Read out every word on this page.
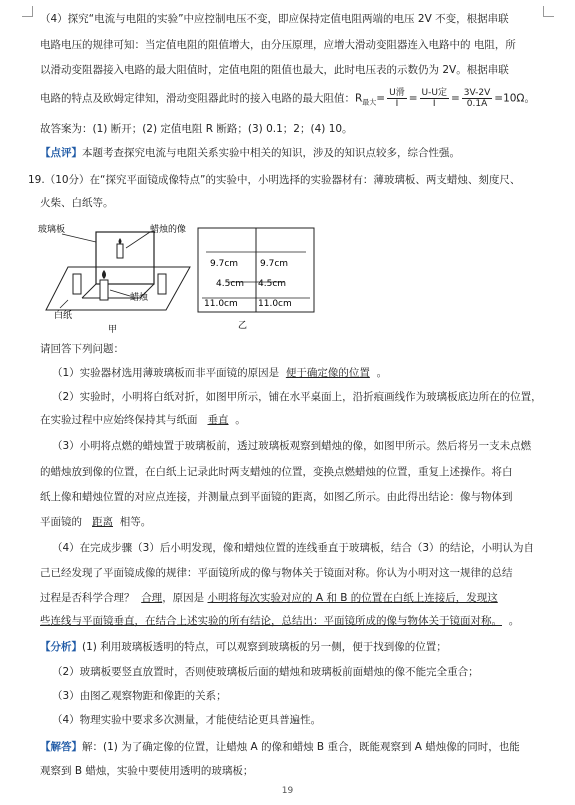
（4）探究“电流与电阻的实验”中应控制电压不变，即应保持定值电阻两端的电压 2V 不变，根据串联
电路电压的规律可知：当定值电阻的阻值增大，由分压原理，应增大滑动变阻器连入电路中的 电阻，所
以滑动变阻器接入电路的最大阻值时，定值电阻的阻值也最大，此时电压表的示数仍为 2V。根据串联
电路的特点及欧姆定律知，滑动变阻器此时的接入电路的最大阻值：$R_{最大}= \frac{\text{U滑}}{I} = \frac{\text{U-U定}}{I} = \frac{3V-2V}{0.1A} =10\Omega$。
故答案为：(1) 断开；(2) 定值电阻 R 断路；(3) 0.1；2；(4) 10。
【点评】本题考查探究电流与电阻关系实验中相关的知识，涉及的知识点较多，综合性强。
19.（10分）在“探究平面镜成像特点”的实验中，小明选择的实验器材有：薄玻璃板、两支蜡烛、刻度尺、
火柴、白纸等。
玻璃板	蜡烛的像
白纸
蜡烛
甲
9.7cm 9.7cm
4.5cm 4.5cm
11.0cm 11.0cm
乙
请回答下列问题：
（1）实验器材选用薄玻璃板而非平面镜的原因是 便于确定像的位置 。
（2）实验时，小明将白纸对折，如图甲所示，铺在水平桌面上，沿折痕画线作为玻璃板底边所在的位置，
在实验过程中应始终保持其与纸面 垂直 。
（3）小明将点燃的蜡烛置于玻璃板前，透过玻璃板观察到蜡烛的像，如图甲所示。然后将另一支未点燃
的蜡烛放到像的位置，在白纸上记录此时两支蜡烛的位置，变换点燃蜡烛的位置，重复上述操作。将白
纸上像和蜡烛位置的对应点连接，并测量点到平面镜的距离，如图乙所示。由此得出结论：像与物体到
平面镜的 距离 相等。
（4）在完成步骤（3）后小明发现，像和蜡烛位置的连线垂直于玻璃板，结合（3）的结论，小明认为自
己已经发现了平面镜成像的规律：平面镜所成的像与物体关于镜面对称。你认为小明对这一规律的总结
过程是否科学合理？ 合理，原因是 小明将每次实验对应的 A 和 B 的位置在白纸上连接后，发现这
些连线与平面镜垂直，在结合上述实验的所有结论，总结出：平面镜所成的像与物体关于镜面对称。 。
【分析】(1) 利用玻璃板透明的特点，可以观察到玻璃板的另一侧，便于找到像的位置；
（2）玻璃板要竖直放置时，否则使玻璃板后面的蜡烛和玻璃板前面蜡烛的像不能完全重合；
（3）由图乙观察物距和像距的关系；
（4）物理实验中要求多次测量，才能使结论更具普遍性。
【解答】解：(1) 为了确定像的位置，让蜡烛 A 的像和蜡烛 B 重合，既能观察到 A 蜡烛像的同时，也能
观察到 B 蜡烛，实验中要使用透明的玻璃板；
19
